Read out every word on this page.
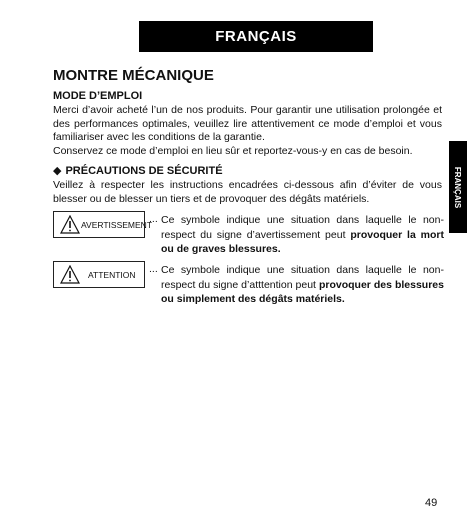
FRANÇAIS
FRANÇAIS
MONTRE MÉCANIQUE
MODE D’EMPLOI

Merci d’avoir acheté l’un de nos produits. Pour garantir une utilisation prolongée et des performances optimales, veuillez lire attentivement ce mode d’emploi et vous familiariser avec les conditions de la garantie.

Conservez ce mode d’emploi en lieu sûr et reportez-vous-y en cas de besoin.

◆ PRÉCAUTIONS DE SÉCURITÉ

Veillez à respecter les instructions encadrées ci-dessous afin d’éviter de vous blesser ou de blesser un tiers et de provoquer des dégâts matériels.

AVERTISSEMENT
... Ce symbole indique une situation dans laquelle le non-respect du signe d’avertissement peut provoquer la mort ou de graves blessures.
ATTENTION ... Ce symbole indique une situation dans laquelle le non-respect du signe d’atttention peut provoquer des blessures ou simplement des dégâts matériels.
49
